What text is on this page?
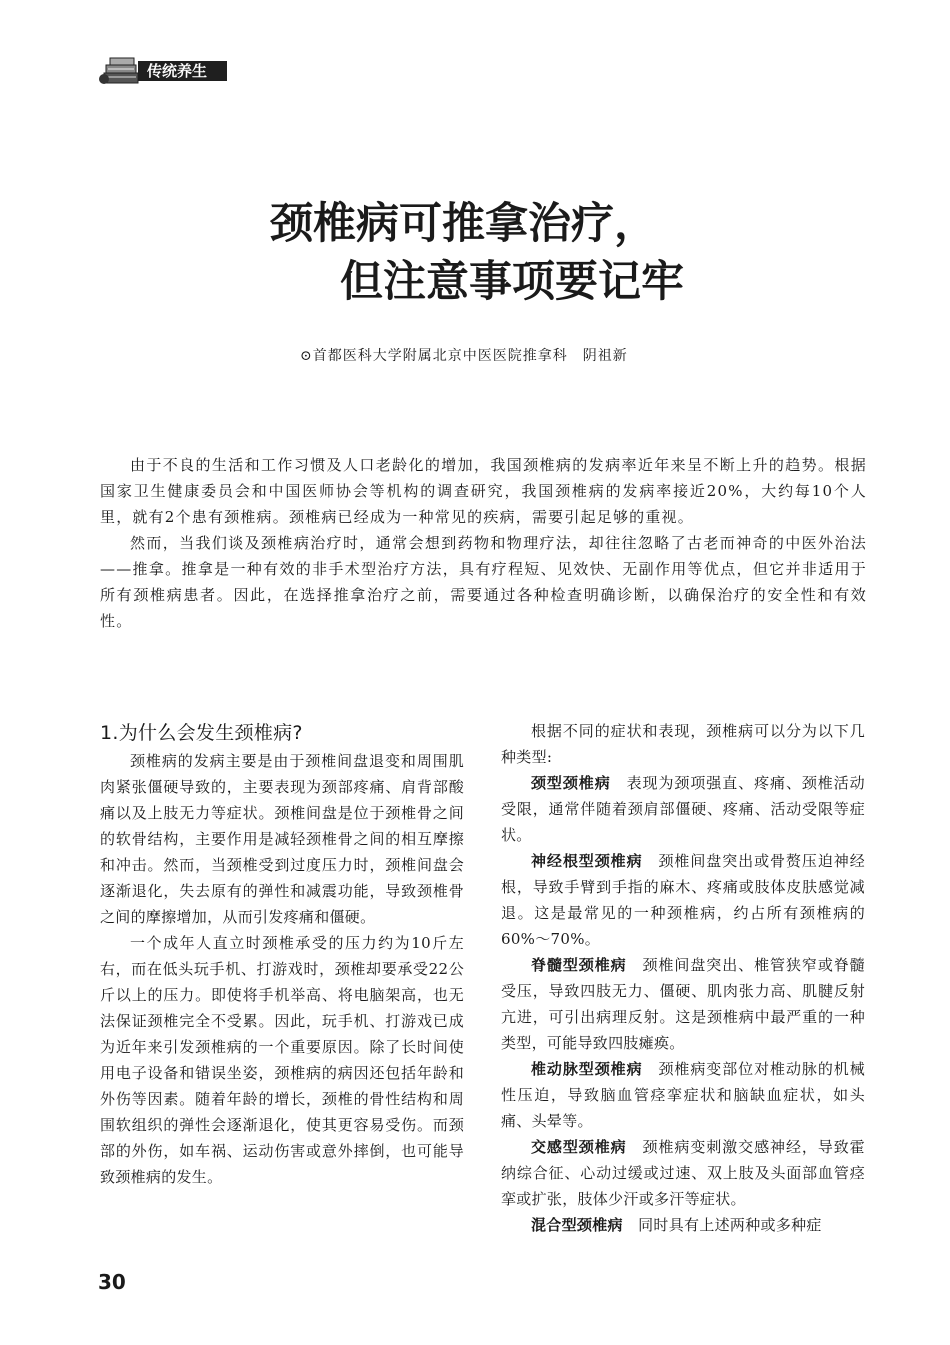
传统养生
颈椎病可推拿治疗，
但注意事项要记牢
⊙首都医科大学附属北京中医医院推拿科　阴祖新

由于不良的生活和工作习惯及人口老龄化的增加，我国颈椎病的发病率近年来呈不断上升的趋势。根据国家卫生健康委员会和中国医师协会等机构的调查研究，我国颈椎病的发病率接近20%，大约每10个人里，就有2个患有颈椎病。颈椎病已经成为一种常见的疾病，需要引起足够的重视。

然而，当我们谈及颈椎病治疗时，通常会想到药物和物理疗法，却往往忽略了古老而神奇的中医外治法——推拿。推拿是一种有效的非手术型治疗方法，具有疗程短、见效快、无副作用等优点，但它并非适用于所有颈椎病患者。因此，在选择推拿治疗之前，需要通过各种检查明确诊断，以确保治疗的安全性和有效性。

1.为什么会发生颈椎病?

颈椎病的发病主要是由于颈椎间盘退变和周围肌肉紧张僵硬导致的，主要表现为颈部疼痛、肩背部酸痛以及上肢无力等症状。颈椎间盘是位于颈椎骨之间的软骨结构，主要作用是减轻颈椎骨之间的相互摩擦和冲击。然而，当颈椎受到过度压力时，颈椎间盘会逐渐退化，失去原有的弹性和减震功能，导致颈椎骨之间的摩擦增加，从而引发疼痛和僵硬。

一个成年人直立时颈椎承受的压力约为10斤左右，而在低头玩手机、打游戏时，颈椎却要承受22公斤以上的压力。即使将手机举高、将电脑架高，也无法保证颈椎完全不受累。因此，玩手机、打游戏已成为近年来引发颈椎病的一个重要原因。除了长时间使用电子设备和错误坐姿，颈椎病的病因还包括年龄和外伤等因素。随着年龄的增长，颈椎的骨性结构和周围软组织的弹性会逐渐退化，使其更容易受伤。而颈部的外伤，如车祸、运动伤害或意外摔倒，也可能导致颈椎病的发生。

根据不同的症状和表现，颈椎病可以分为以下几种类型:

颈型颈椎病　表现为颈项强直、疼痛、颈椎活动受限，通常伴随着颈肩部僵硬、疼痛、活动受限等症状。

神经根型颈椎病　颈椎间盘突出或骨赘压迫神经根，导致手臂到手指的麻木、疼痛或肢体皮肤感觉减退。这是最常见的一种颈椎病，约占所有颈椎病的60%～70%。

脊髓型颈椎病　颈椎间盘突出、椎管狭窄或脊髓受压，导致四肢无力、僵硬、肌肉张力高、肌腱反射亢进，可引出病理反射。这是颈椎病中最严重的一种类型，可能导致四肢瘫痪。

椎动脉型颈椎病　颈椎病变部位对椎动脉的机械性压迫，导致脑血管痉挛症状和脑缺血症状，如头痛、头晕等。

交感型颈椎病　颈椎病变刺激交感神经，导致霍纳综合征、心动过缓或过速、双上肢及头面部血管痉挛或扩张，肢体少汗或多汗等症状。

混合型颈椎病　同时具有上述两种或多种症

30
